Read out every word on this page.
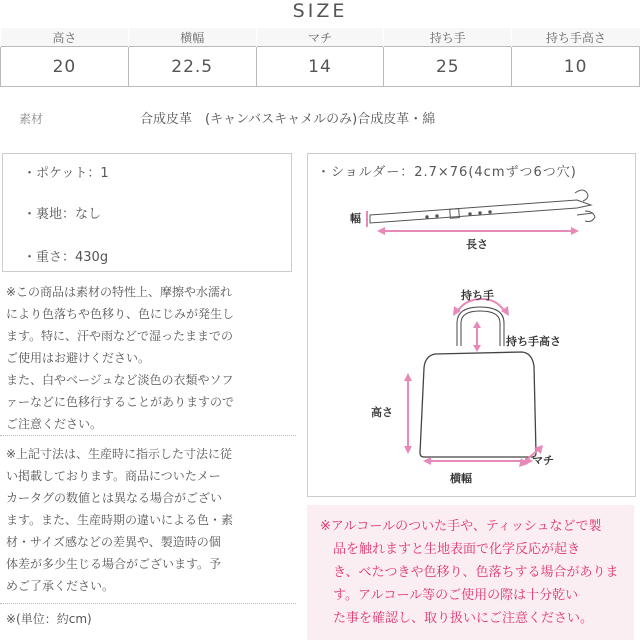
SIZE
高さ	横幅	マチ	持ち手	持ち手高さ
20	22.5	14	25	10
素材	合成皮革　(キャンバスキャメルのみ)合成皮革・綿
・ポケット：1
・裏地：なし
・重さ：430g
※この商品は素材の特性上、摩擦や水濡れ
により色落ちや色移り、色にじみが発生し
ます。特に、汗や雨などで湿ったままでの
ご使用はお避けください。
また、白やベージュなど淡色の衣類やソフ
ァーなどに色移行することがありますので
ご注意ください。
※上記寸法は、生産時に指示した寸法に従
い掲載しております。商品についたメー
カータグの数値とは異なる場合がござい
ます。また、生産時期の違いによる色・素
材・サイズ感などの差異や、製造時の個
体差が多少生じる場合がございます。予
めご了承ください。
※(単位：約cm)
・ショルダー：2.7×76(4cmずつ6つ穴)
幅
長さ
持ち手
持ち手高さ
高さ
横幅
マチ
※アルコールのついた手や、ティッシュなどで製
　品を触れますと生地表面で化学反応が起き
　き、べたつきや色移り、色落ちする場合がありま
　す。アルコール等のご使用の際は十分乾い
　た事を確認し、取り扱いにご注意ください。
